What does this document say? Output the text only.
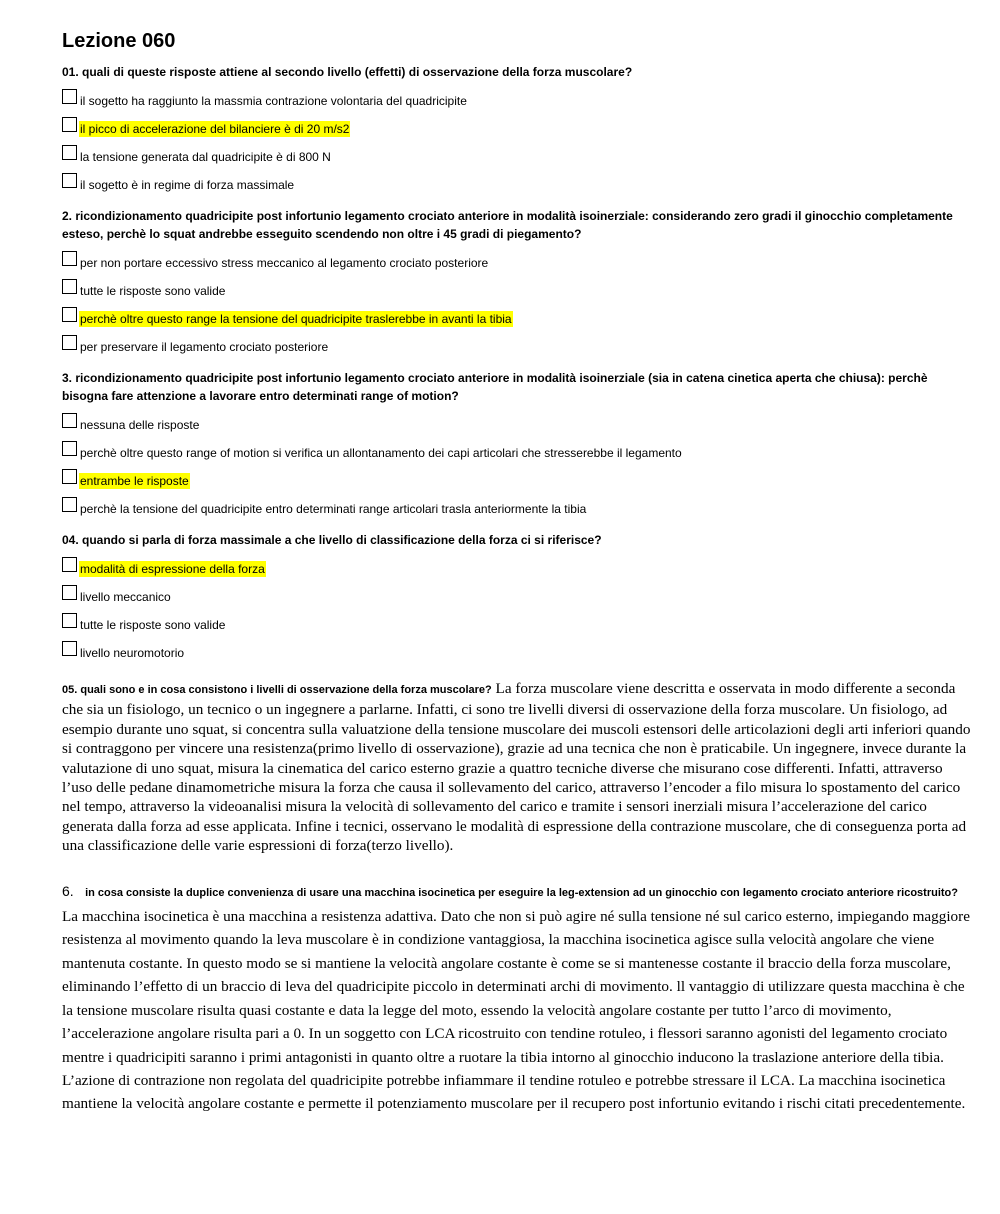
Lezione 060

01. quali di queste risposte attiene al secondo livello (effetti) di osservazione della forza muscolare?

il sogetto ha raggiunto la massmia contrazione volontaria del quadricipite
il picco di accelerazione del bilanciere è di 20 m/s2
la tensione generata dal quadricipite è di 800 N
il sogetto è in regime di forza massimale

2. ricondizionamento quadricipite post infortunio legamento crociato anteriore in modalità isoinerziale: considerando zero gradi il ginocchio completamente esteso, perchè lo squat andrebbe esseguito scendendo non oltre i 45 gradi di piegamento?

per non portare eccessivo stress meccanico al legamento crociato posteriore
tutte le risposte sono valide
perchè oltre questo range la tensione del quadricipite traslerebbe in avanti la tibia
per preservare il legamento crociato posteriore

3. ricondizionamento quadricipite post infortunio legamento crociato anteriore in modalità isoinerziale (sia in catena cinetica aperta che chiusa): perchè bisogna fare attenzione a lavorare entro determinati range of motion?

nessuna delle risposte
perchè oltre questo range of motion si verifica un allontanamento dei capi articolari che stresserebbe il legamento
entrambe le risposte
perchè la tensione del quadricipite entro determinati range articolari trasla anteriormente la tibia

04. quando si parla di forza massimale a che livello di classificazione della forza ci si riferisce?

modalità di espressione della forza
livello meccanico
tutte le risposte sono valide
livello neuromotorio

05. quali sono e in cosa consistono i livelli di osservazione della forza muscolare? La forza muscolare viene descritta e osservata in modo differente a seconda che sia un fisiologo, un tecnico o un ingegnere a parlarne. Infatti, ci sono tre livelli diversi di osservazione della forza muscolare. Un fisiologo, ad esempio durante uno squat, si concentra sulla valuatzione della tensione muscolare dei muscoli estensori delle articolazioni degli arti inferiori quando si contraggono per vincere una resistenza(primo livello di osservazione), grazie ad una tecnica che non è praticabile. Un ingegnere, invece durante la valutazione di uno squat, misura la cinematica del carico esterno grazie a quattro tecniche diverse che misurano cose differenti. Infatti, attraverso l’uso delle pedane dinamometriche misura la forza che causa il sollevamento del carico, attraverso l’encoder a filo misura lo spostamento del carico nel tempo, attraverso la videoanalisi misura la velocità di sollevamento del carico e tramite i sensori inerziali misura l’accelerazione del carico generata dalla forza ad esse applicata. Infine i tecnici, osservano le modalità di espressione della contrazione muscolare, che di conseguenza porta ad una classificazione delle varie espressioni di forza(terzo livello).

6. in cosa consiste la duplice convenienza di usare una macchina isocinetica per eseguire la leg-extension ad un ginocchio con legamento crociato anteriore ricostruito? La macchina isocinetica è una macchina a resistenza adattiva. Dato che non si può agire né sulla tensione né sul carico esterno, impiegando maggiore resistenza al movimento quando la leva muscolare è in condizione vantaggiosa, la macchina isocinetica agisce sulla velocità angolare che viene mantenuta costante. In questo modo se si mantiene la velocità angolare costante è come se si mantenesse costante il braccio della forza muscolare, eliminando l’effetto di un braccio di leva del quadricipite piccolo in determinati archi di movimento. ll vantaggio di utilizzare questa macchina è che la tensione muscolare risulta quasi costante e data la legge del moto, essendo la velocità angolare costante per tutto l’arco di movimento, l’accelerazione angolare risulta pari a 0. In un soggetto con LCA ricostruito con tendine rotuleo, i flessori saranno agonisti del legamento crociato mentre i quadricipiti saranno i primi antagonisti in quanto oltre a ruotare la tibia intorno al ginocchio inducono la traslazione anteriore della tibia. L’azione di contrazione non regolata del quadricipite potrebbe infiammare il tendine rotuleo e potrebbe stressare il LCA. La macchina isocinetica mantiene la velocità angolare costante e permette il potenziamento muscolare per il recupero post infortunio evitando i rischi citati precedentemente.
